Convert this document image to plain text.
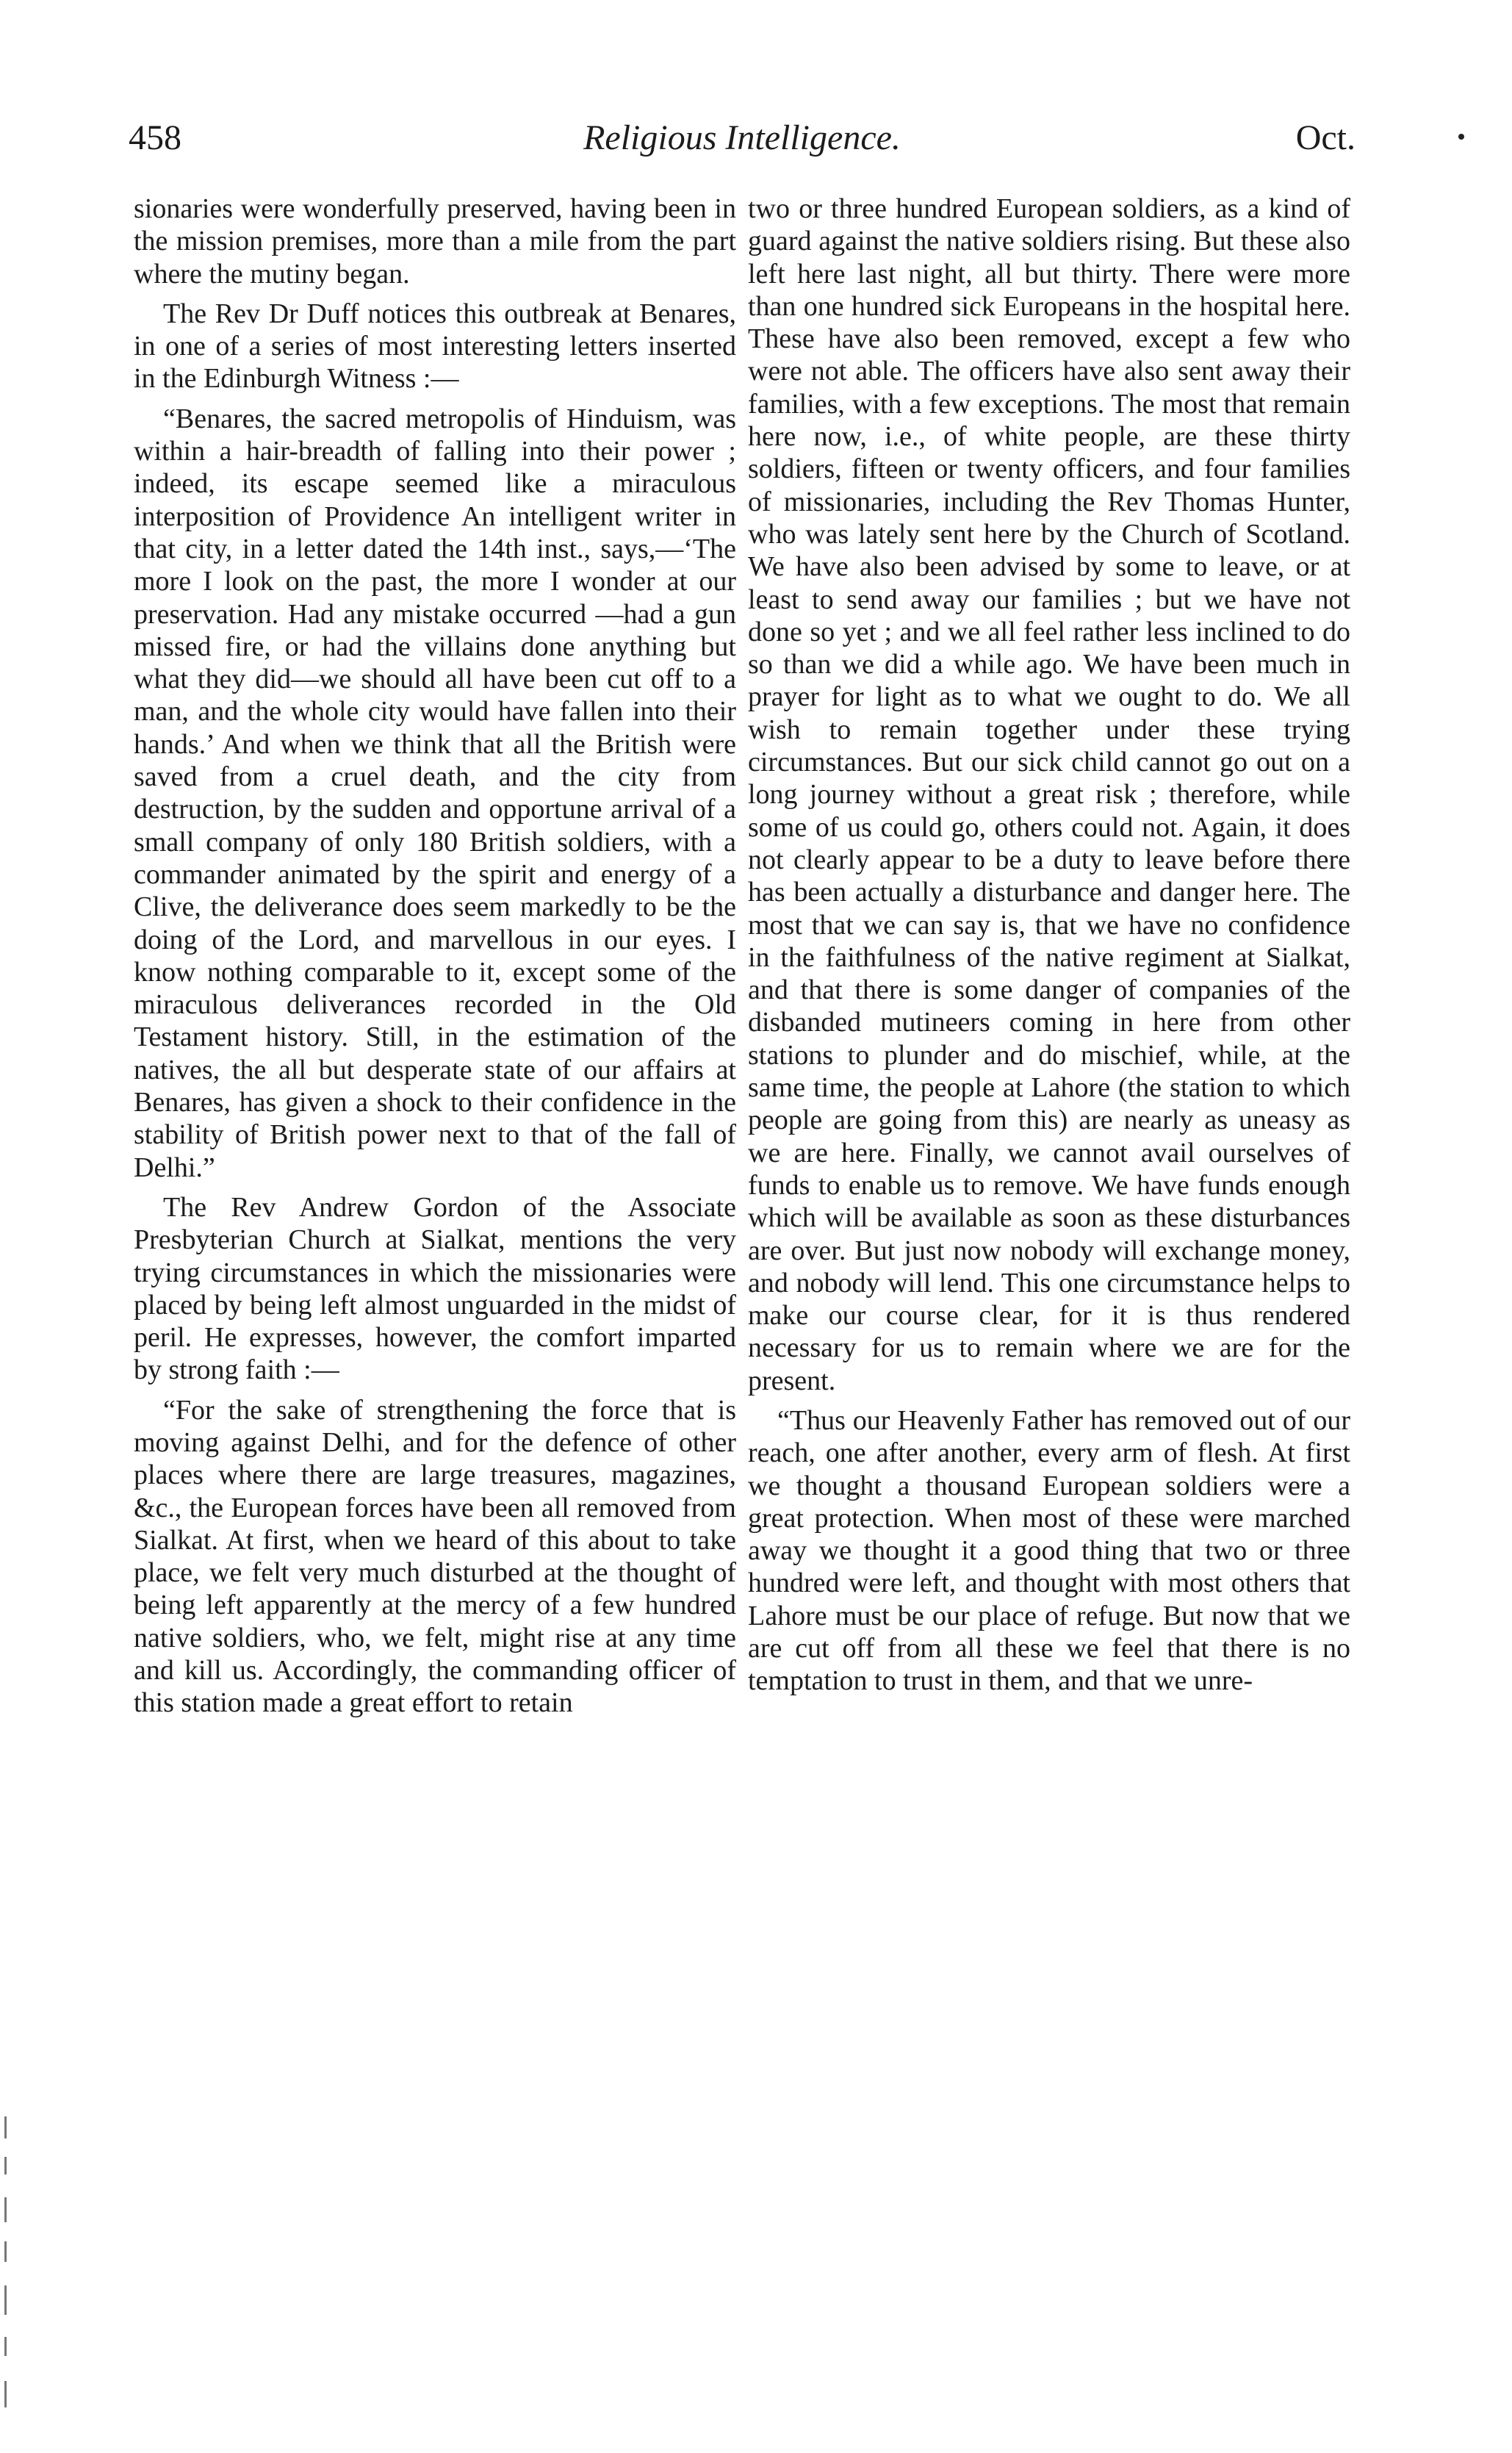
458	Religious Intelligence.	Oct.

sionaries were wonderfully preserved, having been in the mission premises, more than a mile from the part where the mutiny began.

The Rev Dr Duff notices this outbreak at Benares, in one of a series of most interesting letters inserted in the Edinburgh Witness :—

“Benares, the sacred metropolis of Hinduism, was within a hair-breadth of falling into their power ; indeed, its escape seemed like a miraculous interposition of Providence An intelligent writer in that city, in a letter dated the 14th inst., says,—‘The more I look on the past, the more I wonder at our preservation. Had any mistake occurred —had a gun missed fire, or had the villains done anything but what they did—we should all have been cut off to a man, and the whole city would have fallen into their hands.’ And when we think that all the British were saved from a cruel death, and the city from destruction, by the sudden and opportune arrival of a small company of only 180 British soldiers, with a commander animated by the spirit and energy of a Clive, the deliverance does seem markedly to be the doing of the Lord, and marvellous in our eyes. I know nothing comparable to it, except some of the miraculous deliverances recorded in the Old Testament history. Still, in the estimation of the natives, the all but desperate state of our affairs at Benares, has given a shock to their confidence in the stability of British power next to that of the fall of Delhi.”

The Rev Andrew Gordon of the Associate Presbyterian Church at Sialkat, mentions the very trying circumstances in which the missionaries were placed by being left almost unguarded in the midst of peril. He expresses, however, the comfort imparted by strong faith :—

“For the sake of strengthening the force that is moving against Delhi, and for the defence of other places where there are large treasures, magazines, &c., the European forces have been all removed from Sialkat. At first, when we heard of this about to take place, we felt very much disturbed at the thought of being left apparently at the mercy of a few hundred native soldiers, who, we felt, might rise at any time and kill us. Accordingly, the commanding officer of this station made a great effort to retain

two or three hundred European soldiers, as a kind of guard against the native soldiers rising. But these also left here last night, all but thirty. There were more than one hundred sick Europeans in the hospital here. These have also been removed, except a few who were not able. The officers have also sent away their families, with a few exceptions. The most that remain here now, i.e., of white people, are these thirty soldiers, fifteen or twenty officers, and four families of missionaries, including the Rev Thomas Hunter, who was lately sent here by the Church of Scotland. We have also been advised by some to leave, or at least to send away our families ; but we have not done so yet ; and we all feel rather less inclined to do so than we did a while ago. We have been much in prayer for light as to what we ought to do. We all wish to remain together under these trying circumstances. But our sick child cannot go out on a long journey without a great risk ; therefore, while some of us could go, others could not. Again, it does not clearly appear to be a duty to leave before there has been actually a disturbance and danger here. The most that we can say is, that we have no confidence in the faithfulness of the native regiment at Sialkat, and that there is some danger of companies of the disbanded mutineers coming in here from other stations to plunder and do mischief, while, at the same time, the people at Lahore (the station to which people are going from this) are nearly as uneasy as we are here. Finally, we cannot avail ourselves of funds to enable us to remove. We have funds enough which will be available as soon as these disturbances are over. But just now nobody will exchange money, and nobody will lend. This one circumstance helps to make our course clear, for it is thus rendered necessary for us to remain where we are for the present.

“Thus our Heavenly Father has removed out of our reach, one after another, every arm of flesh. At first we thought a thousand European soldiers were a great protection. When most of these were marched away we thought it a good thing that two or three hundred were left, and thought with most others that Lahore must be our place of refuge. But now that we are cut off from all these we feel that there is no temptation to trust in them, and that we unre-
